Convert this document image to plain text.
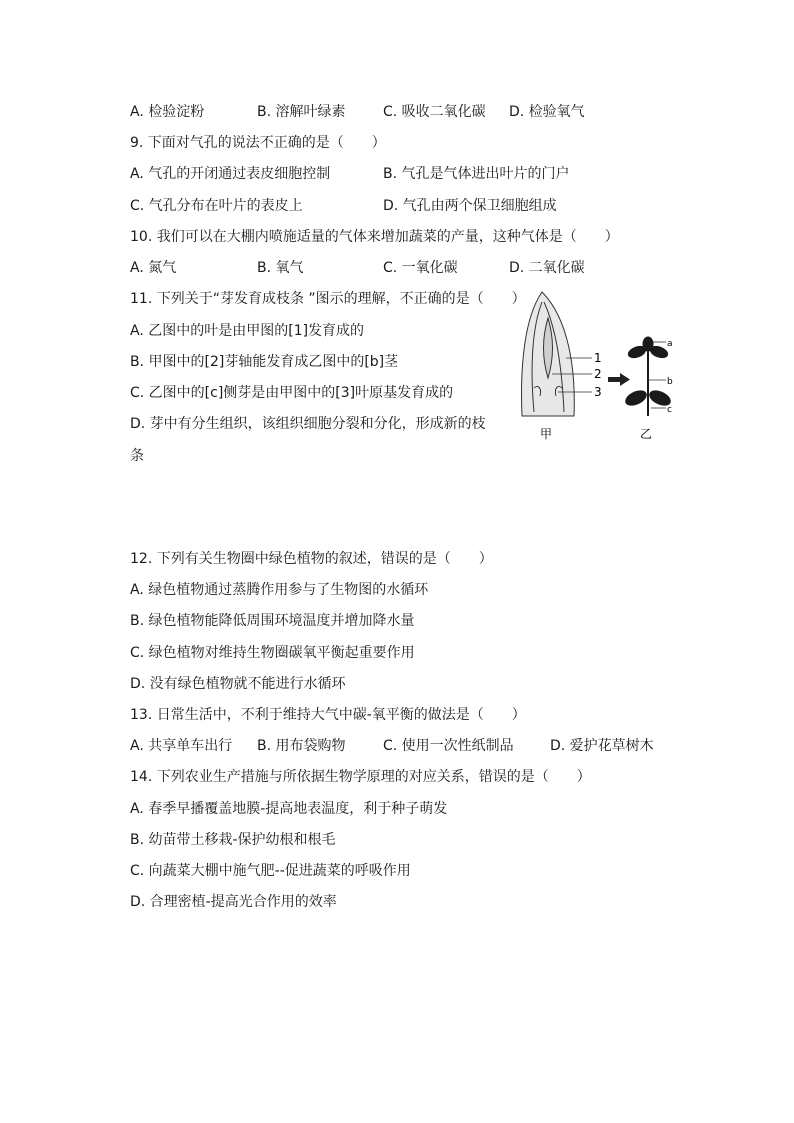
A. 检验淀粉	B. 溶解叶绿素	C. 吸收二氧化碳 D. 检验氧气
9. 下面对气孔的说法不正确的是（　　）
A. 气孔的开闭通过表皮细胞控制	B. 气孔是气体进出叶片的门户
C. 气孔分布在叶片的表皮上	D. 气孔由两个保卫细胞组成
10. 我们可以在大棚内喷施适量的气体来增加蔬菜的产量，这种气体是（　　）
A. 氮气	B. 氧气	C. 一氧化碳	D. 二氧化碳
11. 下列关于“芽发育成枝条 ”图示的理解，不正确的是（　　）
A. 乙图中的叶是由甲图的[1]发育成的
B. 甲图中的[2]芽轴能发育成乙图中的[b]茎
C. 乙图中的[c]侧芽是由甲图中的[3]叶原基发育成的
D. 芽中有分生组织，该组织细胞分裂和分化，形成新的枝
条
1
2
3
a
b
c
甲	乙
12. 下列有关生物圈中绿色植物的叙述，错误的是（　　）
A. 绿色植物通过蒸腾作用参与了生物图的水循环
B. 绿色植物能降低周围环境温度并增加降水量
C. 绿色植物对维持生物圈碳氧平衡起重要作用
D. 没有绿色植物就不能进行水循环
13. 日常生活中，不利于维持大气中碳-氧平衡的做法是（　　）
A. 共享单车出行 B. 用布袋购物	C. 使用一次性纸制品	D. 爱护花草树木
14. 下列农业生产措施与所依据生物学原理的对应关系，错误的是（　　）
A. 春季早播覆盖地膜-提高地表温度，利于种子萌发
B. 幼苗带土移栽-保护幼根和根毛
C. 向蔬菜大棚中施气肥--促进蔬菜的呼吸作用
D. 合理密植-提高光合作用的效率
